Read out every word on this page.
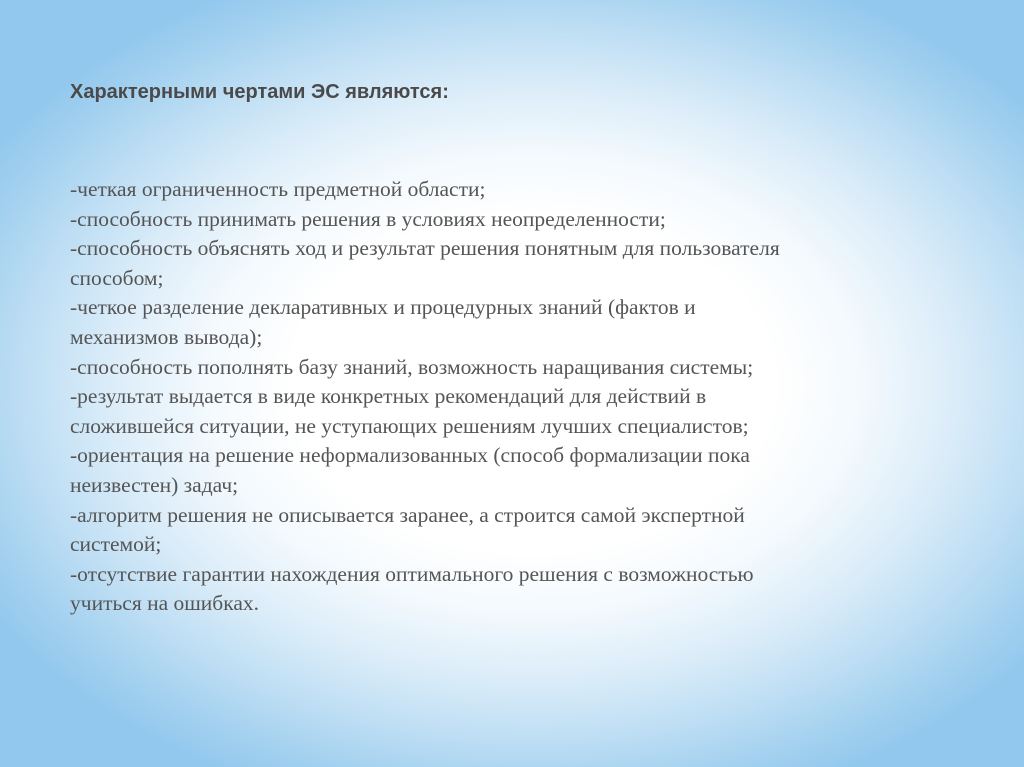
Характерными чертами ЭС являются:

-четкая ограниченность предметной области;
-способность принимать решения в условиях неопределенности;
-способность объяснять ход и результат решения понятным для пользователя
способом;
-четкое разделение декларативных и процедурных знаний (фактов и
механизмов вывода);
-способность пополнять базу знаний, возможность наращивания системы;
-результат выдается в виде конкретных рекомендаций для действий в
сложившейся ситуации, не уступающих решениям лучших специалистов;
-ориентация на решение неформализованных (способ формализации пока
неизвестен) задач;
-алгоритм решения не описывается заранее, а строится самой экспертной
системой;
-отсутствие гарантии нахождения оптимального решения с возможностью
учиться на ошибках.
